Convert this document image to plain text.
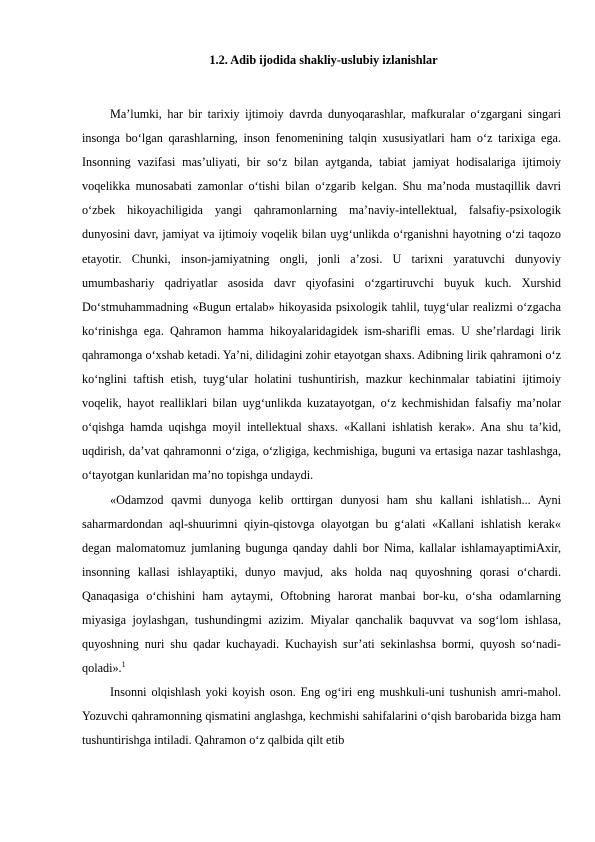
1.2. Adib ijodida shakliy-uslubiy izlanishlar

Ma’lumki, har bir tarixiy ijtimoiy davrda dunyoqarashlar, mafkuralar o‘zgargani singari insonga bo‘lgan qarashlarning, inson fenomenining talqin xususiyatlari ham o‘z tarixiga ega. Insonning vazifasi mas’uliyati, bir so‘z bilan aytganda, tabiat jamiyat hodisalariga ijtimoiy voqelikka munosabati zamonlar o‘tishi bilan o‘zgarib kelgan. Shu ma’noda mustaqillik davri o‘zbek hikoyachiligida yangi qahramonlarning ma’naviy-intellektual, falsafiy-psixologik dunyosini davr, jamiyat va ijtimoiy voqelik bilan uyg‘unlikda o‘rganishni hayotning o‘zi taqozo etayotir. Chunki, inson-jamiyatning ongli, jonli a’zosi. U tarixni yaratuvchi dunyoviy umumbashariy qadriyatlar asosida davr qiyofasini o‘zgartiruvchi buyuk kuch. Xurshid Do‘stmuhammadning «Bugun ertalab» hikoyasida psixologik tahlil, tuyg‘ular realizmi o‘zgacha ko‘rinishga ega. Qahramon hamma hikoyalaridagidek ism-sharifli emas. U she’rlardagi lirik qahramonga o‘xshab ketadi. Ya’ni, dilidagini zohir etayotgan shaxs. Adibning lirik qahramoni o‘z ko‘nglini taftish etish, tuyg‘ular holatini tushuntirish, mazkur kechinmalar tabiatini ijtimoiy voqelik, hayot realliklari bilan uyg‘unlikda kuzatayotgan, o‘z kechmishidan falsafiy ma’nolar o‘qishga hamda uqishga moyil intellektual shaxs. «Kallani ishlatish kerak». Ana shu ta’kid, uqdirish, da’vat qahramonni o‘ziga, o‘zligiga, kechmishiga, buguni va ertasiga nazar tashlashga, o‘tayotgan kunlaridan ma’no topishga undaydi.

«Odamzod qavmi dunyoga kelib orttirgan dunyosi ham shu kallani ishlatish... Ayni saharmardondan aql-shuurimni qiyin-qistovga olayotgan bu g‘alati «Kallani ishlatish kerak« degan malomatomuz jumlaning bugunga qanday dahli bor Nima, kallalar ishlamayaptimiAxir, insonning kallasi ishlayaptiki, dunyo mavjud, aks holda naq quyoshning qorasi o‘chardi. Qanaqasiga o‘chishini ham aytaymi, Oftobning harorat manbai bor-ku, o‘sha odamlarning miyasiga joylashgan, tushundingmi azizim. Miyalar qanchalik baquvvat va sog‘lom ishlasa, quyoshning nuri shu qadar kuchayadi. Kuchayish sur’ati sekinlashsa bormi, quyosh so‘nadi-qoladi».$^1$

Insonni olqishlash yoki koyish oson. Eng og‘iri eng mushkuli-uni tushunish amri-mahol. Yozuvchi qahramonning qismatini anglashga, kechmishi sahifalarini o‘qish barobarida bizga ham tushuntirishga intiladi. Qahramon o‘z qalbida qilt etib
